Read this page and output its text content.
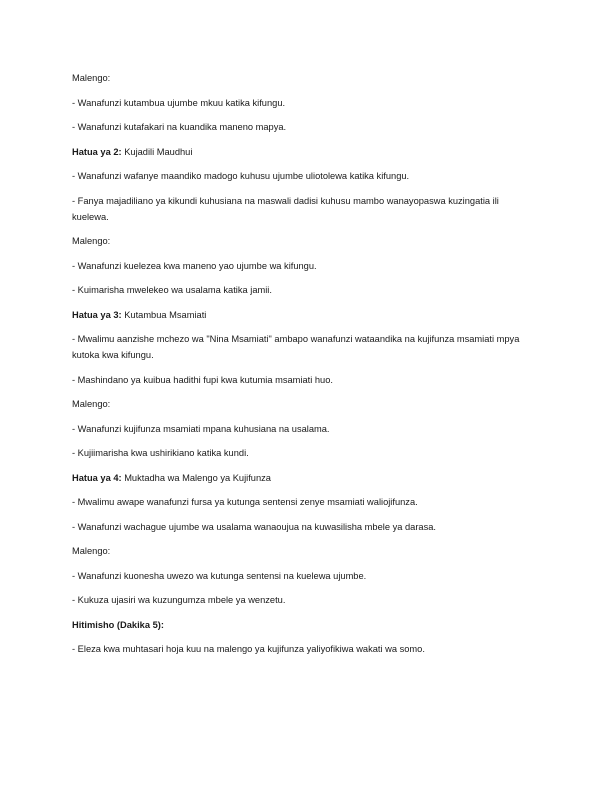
Malengo:

- Wanafunzi kutambua ujumbe mkuu katika kifungu.

- Wanafunzi kutafakari na kuandika maneno mapya.

Hatua ya 2: Kujadili Maudhui

- Wanafunzi wafanye maandiko madogo kuhusu ujumbe uliotolewa katika kifungu.

- Fanya majadiliano ya kikundi kuhusiana na maswali dadisi kuhusu mambo wanayopaswa kuzingatia ili kuelewa.

Malengo:

- Wanafunzi kuelezea kwa maneno yao ujumbe wa kifungu.

- Kuimarisha mwelekeo wa usalama katika jamii.

Hatua ya 3: Kutambua Msamiati

- Mwalimu aanzishe mchezo wa "Nina Msamiati" ambapo wanafunzi wataandika na kujifunza msamiati mpya kutoka kwa kifungu.

- Mashindano ya kuibua hadithi fupi kwa kutumia msamiati huo.

Malengo:

- Wanafunzi kujifunza msamiati mpana kuhusiana na usalama.

- Kujiimarisha kwa ushirikiano katika kundi.

Hatua ya 4: Muktadha wa Malengo ya Kujifunza

- Mwalimu awape wanafunzi fursa ya kutunga sentensi zenye msamiati waliojifunza.

- Wanafunzi wachague ujumbe wa usalama wanaoujua na kuwasilisha mbele ya darasa.

Malengo:

- Wanafunzi kuonesha uwezo wa kutunga sentensi na kuelewa ujumbe.

- Kukuza ujasiri wa kuzungumza mbele ya wenzetu.

Hitimisho (Dakika 5):

- Eleza kwa muhtasari hoja kuu na malengo ya kujifunza yaliyofikiwa wakati wa somo.
